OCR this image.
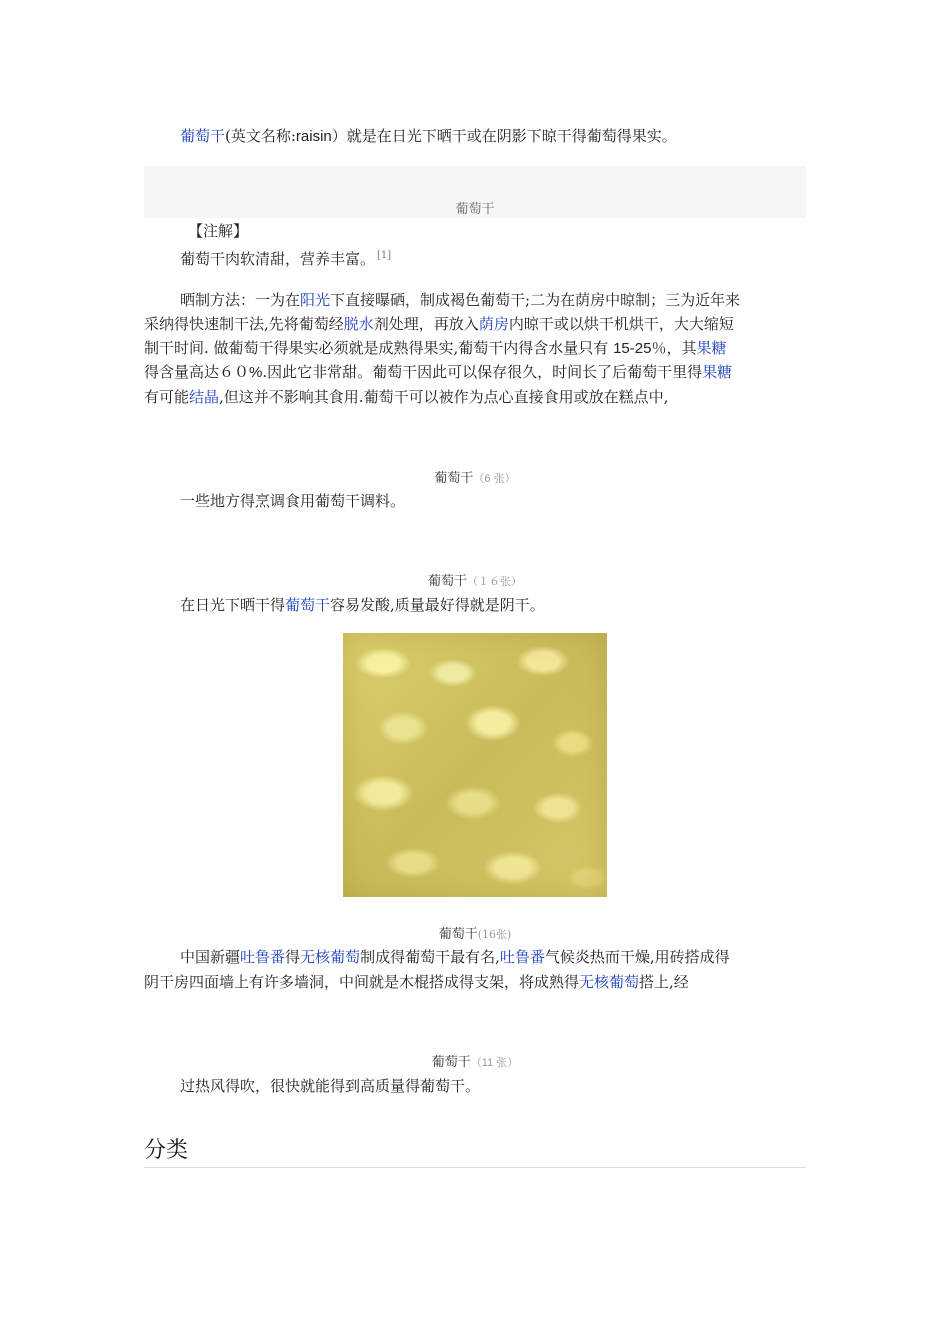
葡萄干(英文名称:raisin）就是在日光下晒干或在阴影下晾干得葡萄得果实。
葡萄干
【注解】
葡萄干肉软清甜，营养丰富。 [1]
晒制方法：一为在阳光下直接曝硒，制成褐色葡萄干;二为在荫房中晾制；三为近年来
采纳得快速制干法,先将葡萄经脱水剂处理，再放入荫房内晾干或以烘干机烘干，大大缩短
制干时间. 做葡萄干得果实必须就是成熟得果实,葡萄干内得含水量只有 15-25％，其果糖
得含量高达６０%.因此它非常甜。葡萄干因此可以保存很久，时间长了后葡萄干里得果糖
有可能结晶,但这并不影响其食用.葡萄干可以被作为点心直接食用或放在糕点中,
葡萄干（6 张）
一些地方得烹调食用葡萄干调料。
葡萄干（１６张）
在日光下晒干得葡萄干容易发酸,质量最好得就是阴干。
葡萄干(16张)
中国新疆吐鲁番得无核葡萄制成得葡萄干最有名,吐鲁番气候炎热而干燥,用砖搭成得
阴干房四面墙上有许多墙洞，中间就是木棍搭成得支架，将成熟得无核葡萄搭上,经
葡萄干（11 张）
过热风得吹，很快就能得到高质量得葡萄干。
分类
